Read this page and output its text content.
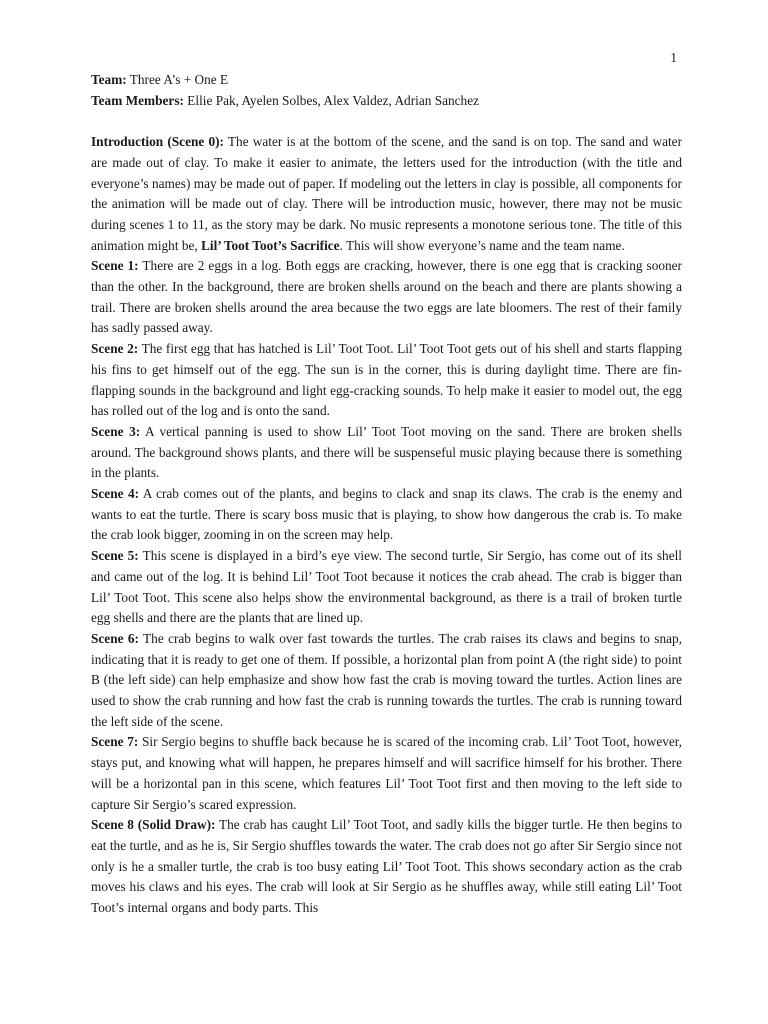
1

Team: Three A’s + One E

Team Members: Ellie Pak, Ayelen Solbes, Alex Valdez, Adrian Sanchez

Introduction (Scene 0): The water is at the bottom of the scene, and the sand is on top. The sand and water are made out of clay. To make it easier to animate, the letters used for the introduction (with the title and everyone’s names) may be made out of paper. If modeling out the letters in clay is possible, all components for the animation will be made out of clay. There will be introduction music, however, there may not be music during scenes 1 to 11, as the story may be dark. No music represents a monotone serious tone. The title of this animation might be, Lil’ Toot Toot’s Sacrifice. This will show everyone’s name and the team name.

Scene 1: There are 2 eggs in a log. Both eggs are cracking, however, there is one egg that is cracking sooner than the other. In the background, there are broken shells around on the beach and there are plants showing a trail. There are broken shells around the area because the two eggs are late bloomers. The rest of their family has sadly passed away.

Scene 2: The first egg that has hatched is Lil’ Toot Toot. Lil’ Toot Toot gets out of his shell and starts flapping his fins to get himself out of the egg. The sun is in the corner, this is during daylight time. There are fin-flapping sounds in the background and light egg-cracking sounds. To help make it easier to model out, the egg has rolled out of the log and is onto the sand.

Scene 3: A vertical panning is used to show Lil’ Toot Toot moving on the sand. There are broken shells around. The background shows plants, and there will be suspenseful music playing because there is something in the plants.

Scene 4: A crab comes out of the plants, and begins to clack and snap its claws. The crab is the enemy and wants to eat the turtle. There is scary boss music that is playing, to show how dangerous the crab is. To make the crab look bigger, zooming in on the screen may help.

Scene 5: This scene is displayed in a bird’s eye view. The second turtle, Sir Sergio, has come out of its shell and came out of the log. It is behind Lil’ Toot Toot because it notices the crab ahead. The crab is bigger than Lil’ Toot Toot. This scene also helps show the environmental background, as there is a trail of broken turtle egg shells and there are the plants that are lined up.

Scene 6: The crab begins to walk over fast towards the turtles. The crab raises its claws and begins to snap, indicating that it is ready to get one of them. If possible, a horizontal plan from point A (the right side) to point B (the left side) can help emphasize and show how fast the crab is moving toward the turtles. Action lines are used to show the crab running and how fast the crab is running towards the turtles. The crab is running toward the left side of the scene.

Scene 7: Sir Sergio begins to shuffle back because he is scared of the incoming crab. Lil’ Toot Toot, however, stays put, and knowing what will happen, he prepares himself and will sacrifice himself for his brother. There will be a horizontal pan in this scene, which features Lil’ Toot Toot first and then moving to the left side to capture Sir Sergio’s scared expression.

Scene 8 (Solid Draw): The crab has caught Lil’ Toot Toot, and sadly kills the bigger turtle. He then begins to eat the turtle, and as he is, Sir Sergio shuffles towards the water. The crab does not go after Sir Sergio since not only is he a smaller turtle, the crab is too busy eating Lil’ Toot Toot. This shows secondary action as the crab moves his claws and his eyes. The crab will look at Sir Sergio as he shuffles away, while still eating Lil’ Toot Toot’s internal organs and body parts. This
